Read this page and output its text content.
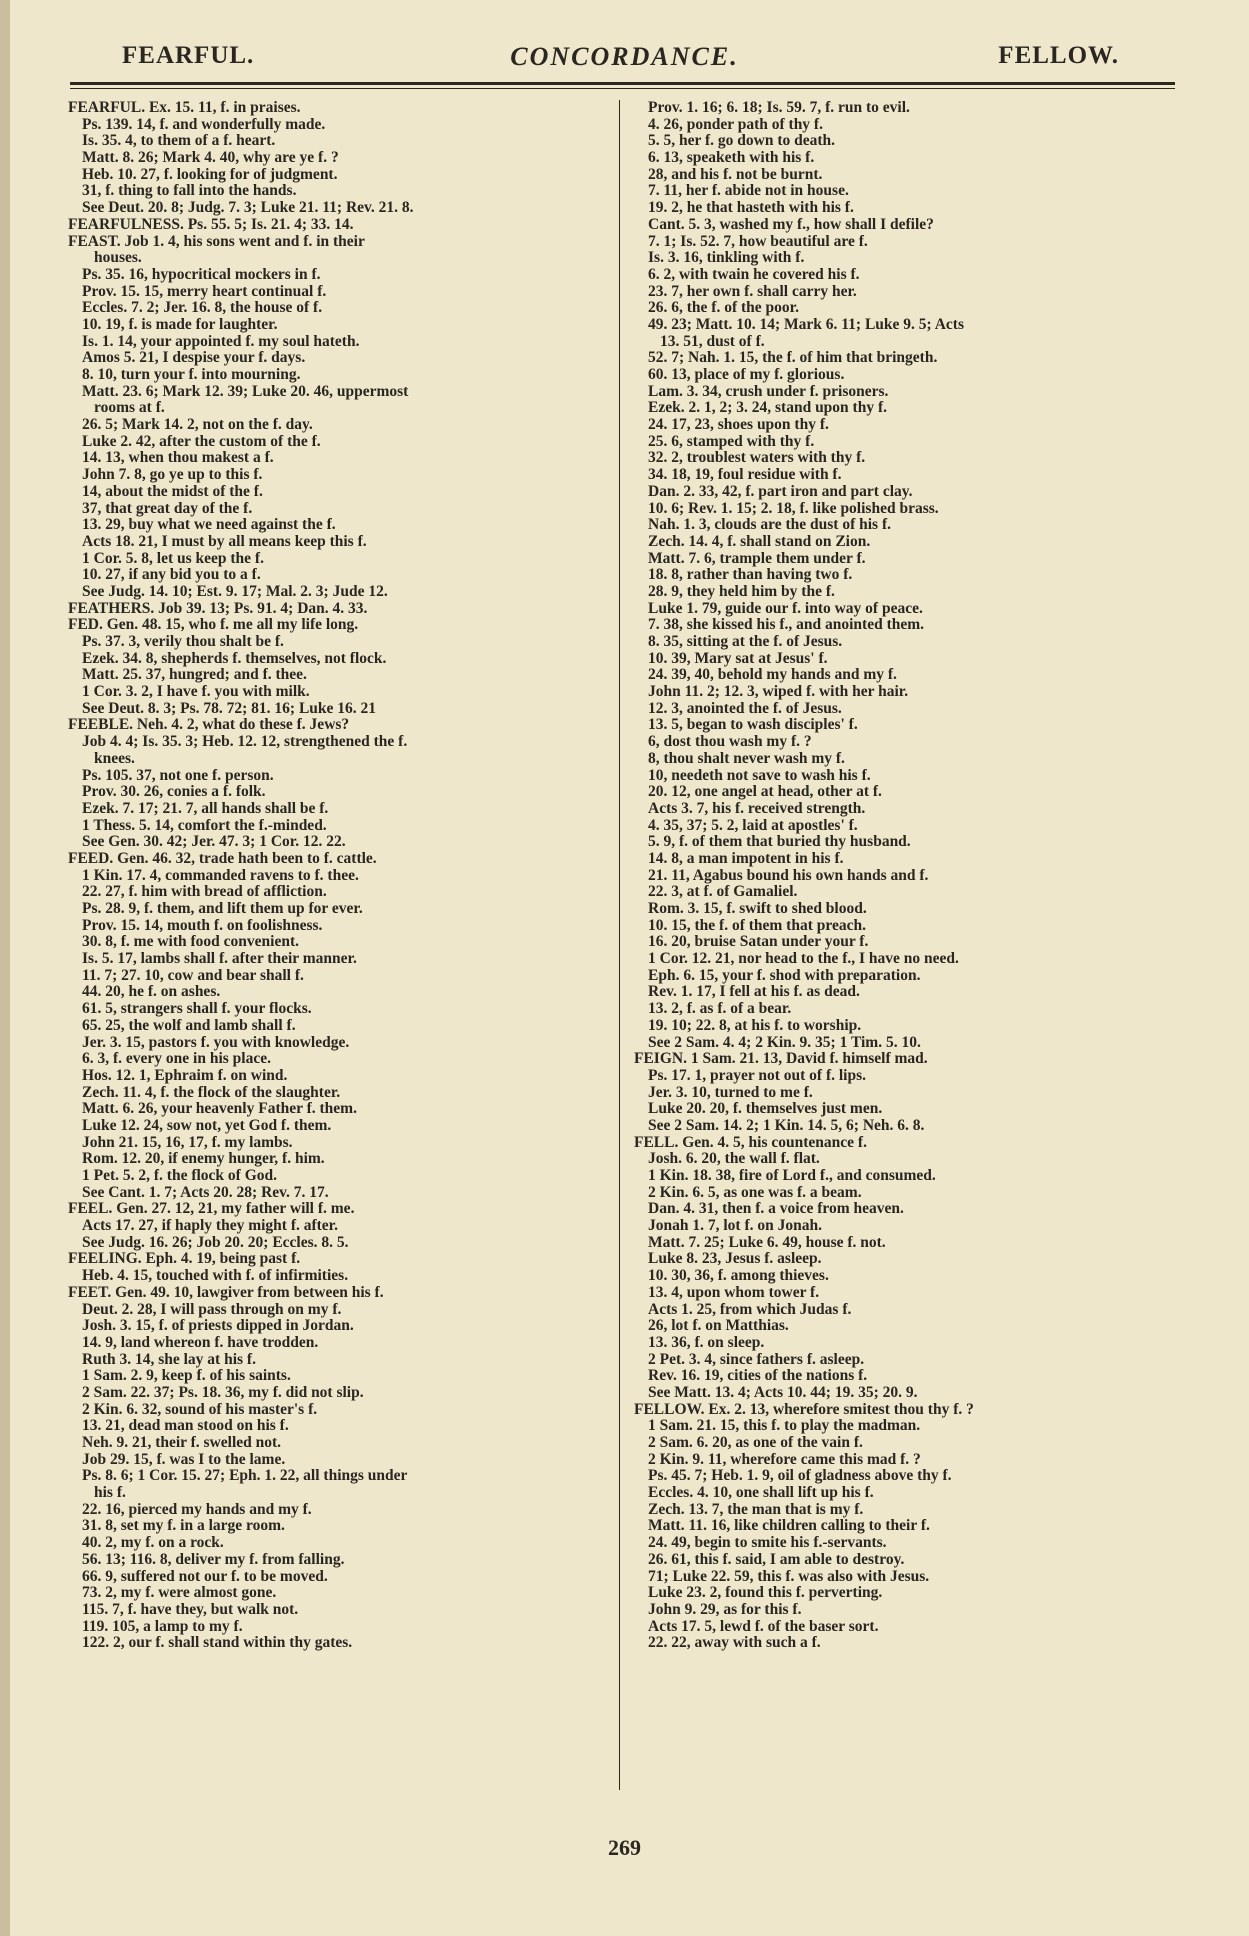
FEARFUL.	CONCORDANCE.	FELLOW.
FEARFUL. Ex. 15. 11, f. in praises.
Ps. 139. 14, f. and wonderfully made.
Is. 35. 4, to them of a f. heart.
Matt. 8. 26; Mark 4. 40, why are ye f. ?
Heb. 10. 27, f. looking for of judgment.
31, f. thing to fall into the hands.
See Deut. 20. 8; Judg. 7. 3; Luke 21. 11; Rev. 21. 8.
FEARFULNESS. Ps. 55. 5; Is. 21. 4; 33. 14.
FEAST. Job 1. 4, his sons went and f. in their
houses.
Ps. 35. 16, hypocritical mockers in f.
Prov. 15. 15, merry heart continual f.
Eccles. 7. 2; Jer. 16. 8, the house of f.
10. 19, f. is made for laughter.
Is. 1. 14, your appointed f. my soul hateth.
Amos 5. 21, I despise your f. days.
8. 10, turn your f. into mourning.
Matt. 23. 6; Mark 12. 39; Luke 20. 46, uppermost
rooms at f.
26. 5; Mark 14. 2, not on the f. day.
Luke 2. 42, after the custom of the f.
14. 13, when thou makest a f.
John 7. 8, go ye up to this f.
14, about the midst of the f.
37, that great day of the f.
13. 29, buy what we need against the f.
Acts 18. 21, I must by all means keep this f.
1 Cor. 5. 8, let us keep the f.
10. 27, if any bid you to a f.
See Judg. 14. 10; Est. 9. 17; Mal. 2. 3; Jude 12.
FEATHERS. Job 39. 13; Ps. 91. 4; Dan. 4. 33.
FED. Gen. 48. 15, who f. me all my life long.
Ps. 37. 3, verily thou shalt be f.
Ezek. 34. 8, shepherds f. themselves, not flock.
Matt. 25. 37, hungred; and f. thee.
1 Cor. 3. 2, I have f. you with milk.
See Deut. 8. 3; Ps. 78. 72; 81. 16; Luke 16. 21
FEEBLE. Neh. 4. 2, what do these f. Jews?
Job 4. 4; Is. 35. 3; Heb. 12. 12, strengthened the f.
knees.
Ps. 105. 37, not one f. person.
Prov. 30. 26, conies a f. folk.
Ezek. 7. 17; 21. 7, all hands shall be f.
1 Thess. 5. 14, comfort the f.-minded.
See Gen. 30. 42; Jer. 47. 3; 1 Cor. 12. 22.
FEED. Gen. 46. 32, trade hath been to f. cattle.
1 Kin. 17. 4, commanded ravens to f. thee.
22. 27, f. him with bread of affliction.
Ps. 28. 9, f. them, and lift them up for ever.
Prov. 15. 14, mouth f. on foolishness.
30. 8, f. me with food convenient.
Is. 5. 17, lambs shall f. after their manner.
11. 7; 27. 10, cow and bear shall f.
44. 20, he f. on ashes.
61. 5, strangers shall f. your flocks.
65. 25, the wolf and lamb shall f.
Jer. 3. 15, pastors f. you with knowledge.
6. 3, f. every one in his place.
Hos. 12. 1, Ephraim f. on wind.
Zech. 11. 4, f. the flock of the slaughter.
Matt. 6. 26, your heavenly Father f. them.
Luke 12. 24, sow not, yet God f. them.
John 21. 15, 16, 17, f. my lambs.
Rom. 12. 20, if enemy hunger, f. him.
1 Pet. 5. 2, f. the flock of God.
See Cant. 1. 7; Acts 20. 28; Rev. 7. 17.
FEEL. Gen. 27. 12, 21, my father will f. me.
Acts 17. 27, if haply they might f. after.
See Judg. 16. 26; Job 20. 20; Eccles. 8. 5.
FEELING. Eph. 4. 19, being past f.
Heb. 4. 15, touched with f. of infirmities.
FEET. Gen. 49. 10, lawgiver from between his f.
Deut. 2. 28, I will pass through on my f.
Josh. 3. 15, f. of priests dipped in Jordan.
14. 9, land whereon f. have trodden.
Ruth 3. 14, she lay at his f.
1 Sam. 2. 9, keep f. of his saints.
2 Sam. 22. 37; Ps. 18. 36, my f. did not slip.
2 Kin. 6. 32, sound of his master's f.
13. 21, dead man stood on his f.
Neh. 9. 21, their f. swelled not.
Job 29. 15, f. was I to the lame.
Ps. 8. 6; 1 Cor. 15. 27; Eph. 1. 22, all things under
his f.
22. 16, pierced my hands and my f.
31. 8, set my f. in a large room.
40. 2, my f. on a rock.
56. 13; 116. 8, deliver my f. from falling.
66. 9, suffered not our f. to be moved.
73. 2, my f. were almost gone.
115. 7, f. have they, but walk not.
119. 105, a lamp to my f.
122. 2, our f. shall stand within thy gates.
Prov. 1. 16; 6. 18; Is. 59. 7, f. run to evil.
4. 26, ponder path of thy f.
5. 5, her f. go down to death.
6. 13, speaketh with his f.
28, and his f. not be burnt.
7. 11, her f. abide not in house.
19. 2, he that hasteth with his f.
Cant. 5. 3, washed my f., how shall I defile?
7. 1; Is. 52. 7, how beautiful are f.
Is. 3. 16, tinkling with f.
6. 2, with twain he covered his f.
23. 7, her own f. shall carry her.
26. 6, the f. of the poor.
49. 23; Matt. 10. 14; Mark 6. 11; Luke 9. 5; Acts
13. 51, dust of f.
52. 7; Nah. 1. 15, the f. of him that bringeth.
60. 13, place of my f. glorious.
Lam. 3. 34, crush under f. prisoners.
Ezek. 2. 1, 2; 3. 24, stand upon thy f.
24. 17, 23, shoes upon thy f.
25. 6, stamped with thy f.
32. 2, troublest waters with thy f.
34. 18, 19, foul residue with f.
Dan. 2. 33, 42, f. part iron and part clay.
10. 6; Rev. 1. 15; 2. 18, f. like polished brass.
Nah. 1. 3, clouds are the dust of his f.
Zech. 14. 4, f. shall stand on Zion.
Matt. 7. 6, trample them under f.
18. 8, rather than having two f.
28. 9, they held him by the f.
Luke 1. 79, guide our f. into way of peace.
7. 38, she kissed his f., and anointed them.
8. 35, sitting at the f. of Jesus.
10. 39, Mary sat at Jesus' f.
24. 39, 40, behold my hands and my f.
John 11. 2; 12. 3, wiped f. with her hair.
12. 3, anointed the f. of Jesus.
13. 5, began to wash disciples' f.
6, dost thou wash my f. ?
8, thou shalt never wash my f.
10, needeth not save to wash his f.
20. 12, one angel at head, other at f.
Acts 3. 7, his f. received strength.
4. 35, 37; 5. 2, laid at apostles' f.
5. 9, f. of them that buried thy husband.
14. 8, a man impotent in his f.
21. 11, Agabus bound his own hands and f.
22. 3, at f. of Gamaliel.
Rom. 3. 15, f. swift to shed blood.
10. 15, the f. of them that preach.
16. 20, bruise Satan under your f.
1 Cor. 12. 21, nor head to the f., I have no need.
Eph. 6. 15, your f. shod with preparation.
Rev. 1. 17, I fell at his f. as dead.
13. 2, f. as f. of a bear.
19. 10; 22. 8, at his f. to worship.
See 2 Sam. 4. 4; 2 Kin. 9. 35; 1 Tim. 5. 10.
FEIGN. 1 Sam. 21. 13, David f. himself mad.
Ps. 17. 1, prayer not out of f. lips.
Jer. 3. 10, turned to me f.
Luke 20. 20, f. themselves just men.
See 2 Sam. 14. 2; 1 Kin. 14. 5, 6; Neh. 6. 8.
FELL. Gen. 4. 5, his countenance f.
Josh. 6. 20, the wall f. flat.
1 Kin. 18. 38, fire of Lord f., and consumed.
2 Kin. 6. 5, as one was f. a beam.
Dan. 4. 31, then f. a voice from heaven.
Jonah 1. 7, lot f. on Jonah.
Matt. 7. 25; Luke 6. 49, house f. not.
Luke 8. 23, Jesus f. asleep.
10. 30, 36, f. among thieves.
13. 4, upon whom tower f.
Acts 1. 25, from which Judas f.
26, lot f. on Matthias.
13. 36, f. on sleep.
2 Pet. 3. 4, since fathers f. asleep.
Rev. 16. 19, cities of the nations f.
See Matt. 13. 4; Acts 10. 44; 19. 35; 20. 9.
FELLOW. Ex. 2. 13, wherefore smitest thou thy f. ?
1 Sam. 21. 15, this f. to play the madman.
2 Sam. 6. 20, as one of the vain f.
2 Kin. 9. 11, wherefore came this mad f. ?
Ps. 45. 7; Heb. 1. 9, oil of gladness above thy f.
Eccles. 4. 10, one shall lift up his f.
Zech. 13. 7, the man that is my f.
Matt. 11. 16, like children calling to their f.
24. 49, begin to smite his f.-servants.
26. 61, this f. said, I am able to destroy.
71; Luke 22. 59, this f. was also with Jesus.
Luke 23. 2, found this f. perverting.
John 9. 29, as for this f.
Acts 17. 5, lewd f. of the baser sort.
22. 22, away with such a f.
269
